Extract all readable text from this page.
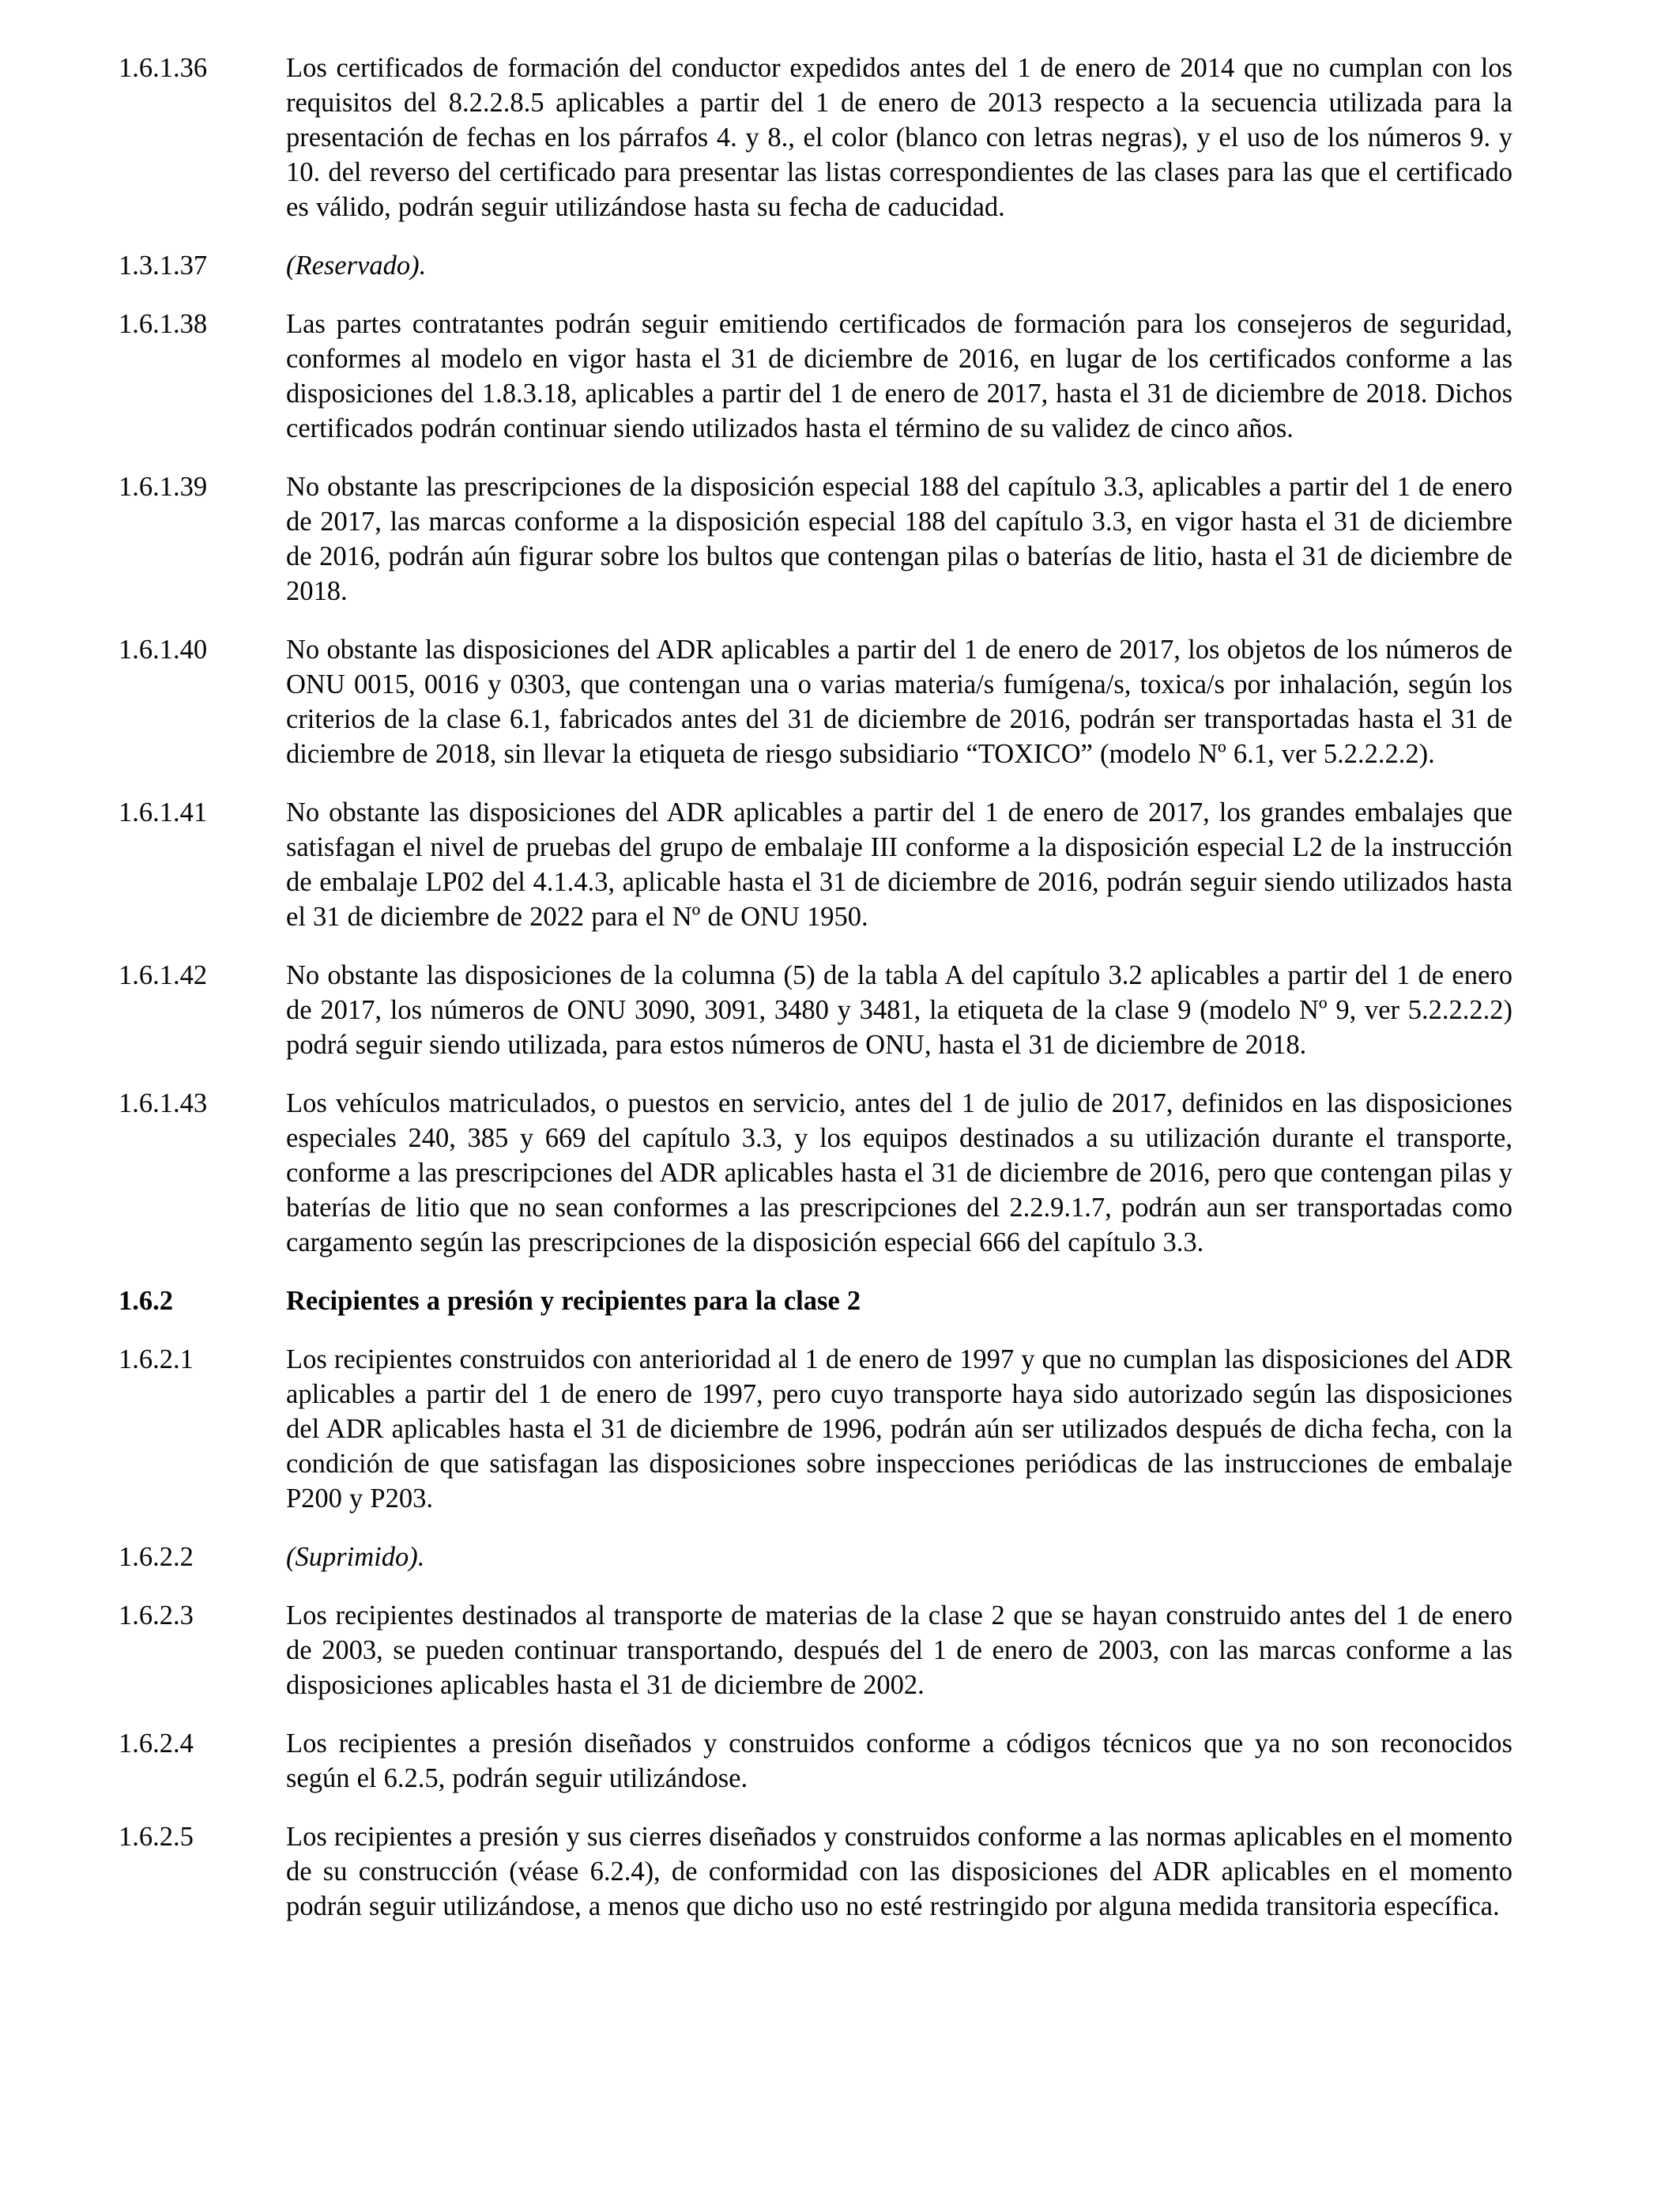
1.6.1.36	Los certificados de formación del conductor expedidos antes del 1 de enero de 2014 que no cumplan con los requisitos del 8.2.2.8.5 aplicables a partir del 1 de enero de 2013 respecto a la secuencia utilizada para la presentación de fechas en los párrafos 4. y 8., el color (blanco con letras negras), y el uso de los números 9. y 10. del reverso del certificado para presentar las listas correspondientes de las clases para las que el certificado es válido, podrán seguir utilizándose hasta su fecha de caducidad.
1.3.1.37	(Reservado).
1.6.1.38	Las partes contratantes podrán seguir emitiendo certificados de formación para los consejeros de seguridad, conformes al modelo en vigor hasta el 31 de diciembre de 2016, en lugar de los certificados conforme a las disposiciones del 1.8.3.18, aplicables a partir del 1 de enero de 2017, hasta el 31 de diciembre de 2018. Dichos certificados podrán continuar siendo utilizados hasta el término de su validez de cinco años.
1.6.1.39	No obstante las prescripciones de la disposición especial 188 del capítulo 3.3, aplicables a partir del 1 de enero de 2017, las marcas conforme a la disposición especial 188 del capítulo 3.3, en vigor hasta el 31 de diciembre de 2016, podrán aún figurar sobre los bultos que contengan pilas o baterías de litio, hasta el 31 de diciembre de 2018.
1.6.1.40	No obstante las disposiciones del ADR aplicables a partir del 1 de enero de 2017, los objetos de los números de ONU 0015, 0016 y 0303, que contengan una o varias materia/s fumígena/s, toxica/s por inhalación, según los criterios de la clase 6.1, fabricados antes del 31 de diciembre de 2016, podrán ser transportadas hasta el 31 de diciembre de 2018, sin llevar la etiqueta de riesgo subsidiario “TOXICO” (modelo Nº 6.1, ver 5.2.2.2.2).
1.6.1.41	No obstante las disposiciones del ADR aplicables a partir del 1 de enero de 2017, los grandes embalajes que satisfagan el nivel de pruebas del grupo de embalaje III conforme a la disposición especial L2 de la instrucción de embalaje LP02 del 4.1.4.3, aplicable hasta el 31 de diciembre de 2016, podrán seguir siendo utilizados hasta el 31 de diciembre de 2022 para el Nº de ONU 1950.
1.6.1.42	No obstante las disposiciones de la columna (5) de la tabla A del capítulo 3.2 aplicables a partir del 1 de enero de 2017, los números de ONU 3090, 3091, 3480 y 3481, la etiqueta de la clase 9 (modelo Nº 9, ver 5.2.2.2.2) podrá seguir siendo utilizada, para estos números de ONU, hasta el 31 de diciembre de 2018.
1.6.1.43	Los vehículos matriculados, o puestos en servicio, antes del 1 de julio de 2017, definidos en las disposiciones especiales 240, 385 y 669 del capítulo 3.3, y los equipos destinados a su utilización durante el transporte, conforme a las prescripciones del ADR aplicables hasta el 31 de diciembre de 2016, pero que contengan pilas y baterías de litio que no sean conformes a las prescripciones del 2.2.9.1.7, podrán aun ser transportadas como cargamento según las prescripciones de la disposición especial 666 del capítulo 3.3.
1.6.2	Recipientes a presión y recipientes para la clase 2
1.6.2.1	Los recipientes construidos con anterioridad al 1 de enero de 1997 y que no cumplan las disposiciones del ADR aplicables a partir del 1 de enero de 1997, pero cuyo transporte haya sido autorizado según las disposiciones del ADR aplicables hasta el 31 de diciembre de 1996, podrán aún ser utilizados después de dicha fecha, con la condición de que satisfagan las disposiciones sobre inspecciones periódicas de las instrucciones de embalaje P200 y P203.
1.6.2.2	(Suprimido).
1.6.2.3	Los recipientes destinados al transporte de materias de la clase 2 que se hayan construido antes del 1 de enero de 2003, se pueden continuar transportando, después del 1 de enero de 2003, con las marcas conforme a las disposiciones aplicables hasta el 31 de diciembre de 2002.
1.6.2.4	Los recipientes a presión diseñados y construidos conforme a códigos técnicos que ya no son reconocidos según el 6.2.5, podrán seguir utilizándose.
1.6.2.5	Los recipientes a presión y sus cierres diseñados y construidos conforme a las normas aplicables en el momento de su construcción (véase 6.2.4), de conformidad con las disposiciones del ADR aplicables en el momento podrán seguir utilizándose, a menos que dicho uso no esté restringido por alguna medida transitoria específica.
